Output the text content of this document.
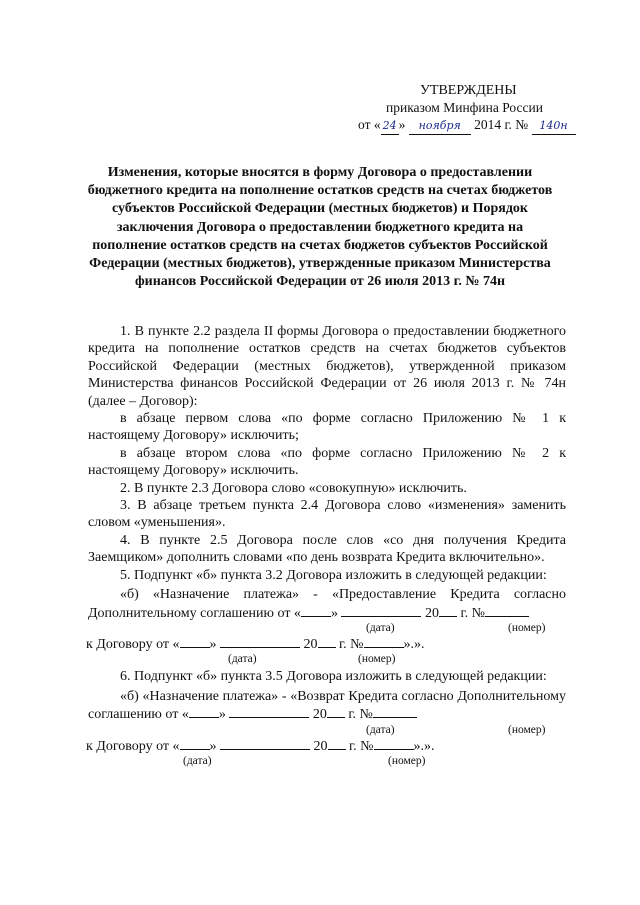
УТВЕРЖДЕНЫ
приказом Минфина России
от « 24 » ноября 2014 г. № 140н
Изменения, которые вносятся в форму Договора о предоставлении бюджетного кредита на пополнение остатков средств на счетах бюджетов субъектов Российской Федерации (местных бюджетов) и Порядок заключения Договора о предоставлении бюджетного кредита на пополнение остатков средств на счетах бюджетов субъектов Российской Федерации (местных бюджетов), утвержденные приказом Министерства финансов Российской Федерации от 26 июля 2013 г. № 74н

1. В пункте 2.2 раздела II формы Договора о предоставлении бюджетного кредита на пополнение остатков средств на счетах бюджетов субъектов Российской Федерации (местных бюджетов), утвержденной приказом Министерства финансов Российской Федерации от 26 июля 2013 г. № 74н (далее – Договор):

в абзаце первом слова «по форме согласно Приложению № 1 к настоящему Договору» исключить;

в абзаце втором слова «по форме согласно Приложению № 2 к настоящему Договору» исключить.

2. В пункте 2.3 Договора слово «совокупную» исключить.

3. В абзаце третьем пункта 2.4 Договора слово «изменения» заменить словом «уменьшения».

4. В пункте 2.5 Договора после слов «со дня получения Кредита Заемщиком» дополнить словами «по день возврата Кредита включительно».

5. Подпункт «б» пункта 3.2 Договора изложить в следующей редакции:

«б) «Назначение платежа» - «Предоставление Кредита согласно Дополнительному соглашению от « »	20 г. №

(дата)	(номер)

к Договору от « »	20 г. №	».».

(дата)	(номер)

6. Подпункт «б» пункта 3.5 Договора изложить в следующей редакции:

«б) «Назначение платежа» - «Возврат Кредита согласно Дополнительному соглашению от « »	20 г. №

(дата)	(номер)

к Договору от « »	20 г. №	».».

(дата)	(номер)
